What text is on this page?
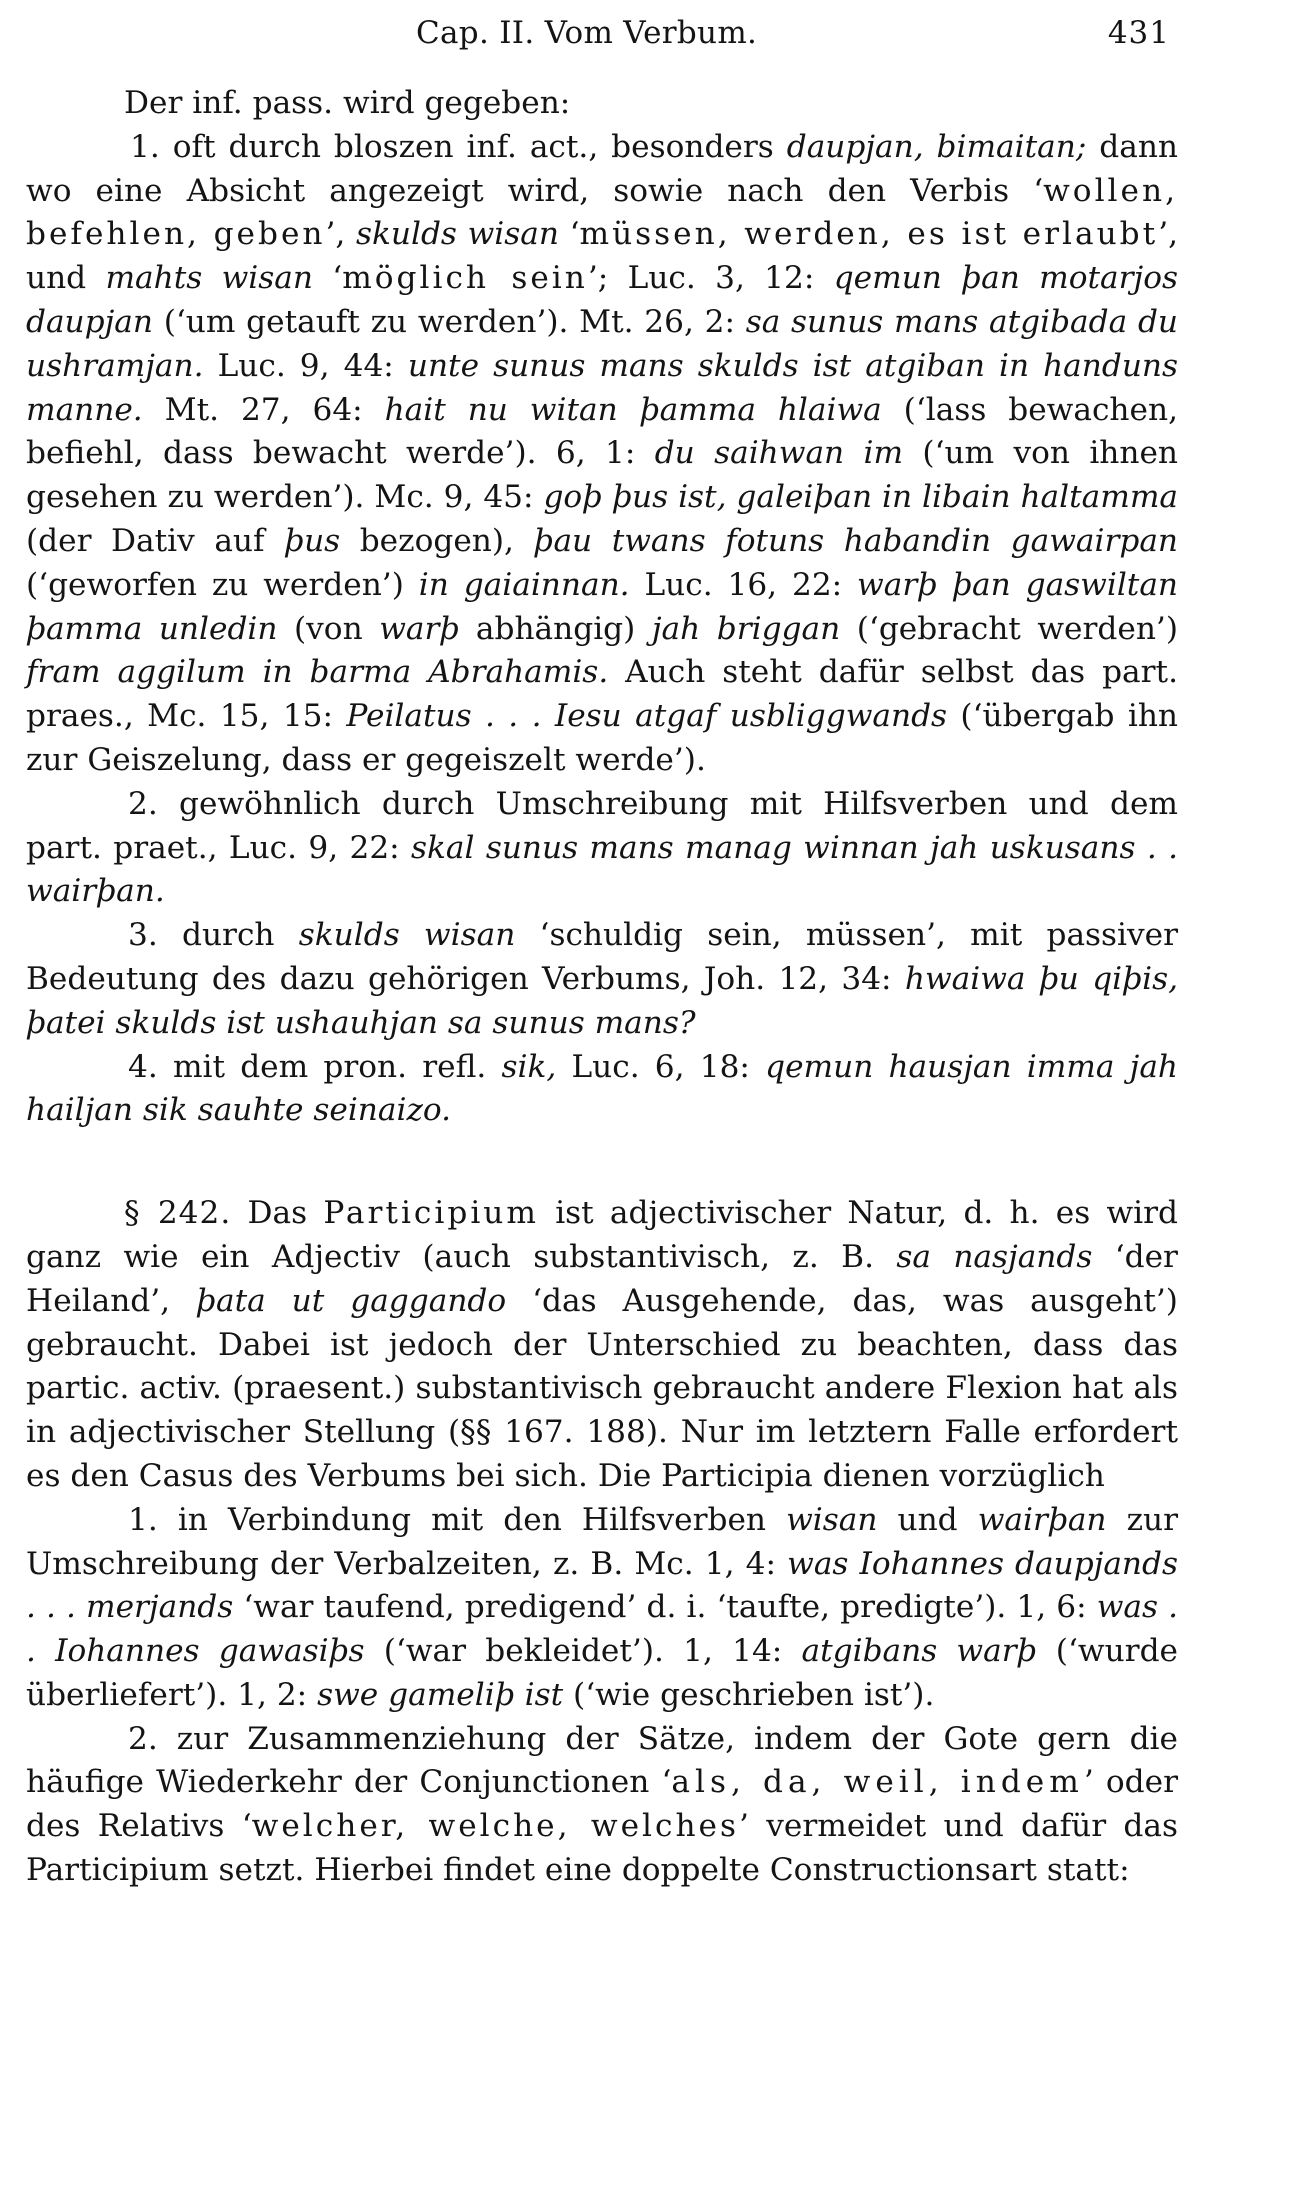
Cap. II. Vom Verbum.	431

Der inf. pass. wird gegeben:

1. oft durch bloszen inf. act., besonders daupjan, bimaitan; dann wo eine Absicht angezeigt wird, sowie nach den Verbis ‘wollen, befehlen, geben’, skulds wisan ‘müssen, werden, es ist erlaubt’, und mahts wisan ‘möglich sein’; Luc. 3, 12: qemun þan motarjos daupjan (‘um getauft zu werden’). Mt. 26, 2: sa sunus mans atgibada du ushramjan. Luc. 9, 44: unte sunus mans skulds ist atgiban in handuns manne. Mt. 27, 64: hait nu witan þamma hlaiwa (‘lass bewachen, befiehl, dass bewacht werde’). 6, 1: du saihwan im (‘um von ihnen gesehen zu werden’). Mc. 9, 45: goþ þus ist, galeiþan in libain haltamma (der Dativ auf þus bezogen), þau twans fotuns habandin gawairpan (‘geworfen zu werden’) in gaiainnan. Luc. 16, 22: warþ þan gaswiltan þamma unledin (von warþ abhängig) jah briggan (‘gebracht werden’) fram aggilum in barma Abrahamis. Auch steht dafür selbst das part. praes., Mc. 15, 15: Peilatus . . . Iesu atgaf usbliggwands (‘übergab ihn zur Geiszelung, dass er gegeiszelt werde’).

2. gewöhnlich durch Umschreibung mit Hilfsverben und dem part. praet., Luc. 9, 22: skal sunus mans manag winnan jah uskusans . . wairþan.

3. durch skulds wisan ‘schuldig sein, müssen’, mit passiver Bedeutung des dazu gehörigen Verbums, Joh. 12, 34: hwaiwa þu qiþis, þatei skulds ist ushauhjan sa sunus mans?

4. mit dem pron. refl. sik, Luc. 6, 18: qemun hausjan imma jah hailjan sik sauhte seinaizo.

§ 242. Das Participium ist adjectivischer Natur, d. h. es wird ganz wie ein Adjectiv (auch substantivisch, z. B. sa nasjands ‘der Heiland’, þata ut gaggando ‘das Ausgehende, das, was ausgeht’) gebraucht. Dabei ist jedoch der Unterschied zu beachten, dass das partic. activ. (praesent.) substantivisch gebraucht andere Flexion hat als in adjectivischer Stellung (§§ 167. 188). Nur im letztern Falle erfordert es den Casus des Verbums bei sich. Die Participia dienen vorzüglich

1. in Verbindung mit den Hilfsverben wisan und wairþan zur Umschreibung der Verbalzeiten, z. B. Mc. 1, 4: was Iohannes daupjands . . . merjands ‘war taufend, predigend’ d. i. ‘taufte, predigte’). 1, 6: was . . Iohannes gawasiþs (‘war bekleidet’). 1, 14: atgibans warþ (‘wurde überliefert’). 1, 2: swe gameliþ ist (‘wie geschrieben ist’).

2. zur Zusammenziehung der Sätze, indem der Gote gern die häufige Wiederkehr der Conjunctionen ‘als, da, weil, indem’ oder des Relativs ‘welcher, welche, welches’ vermeidet und dafür das Participium setzt. Hierbei findet eine doppelte Constructionsart statt:
